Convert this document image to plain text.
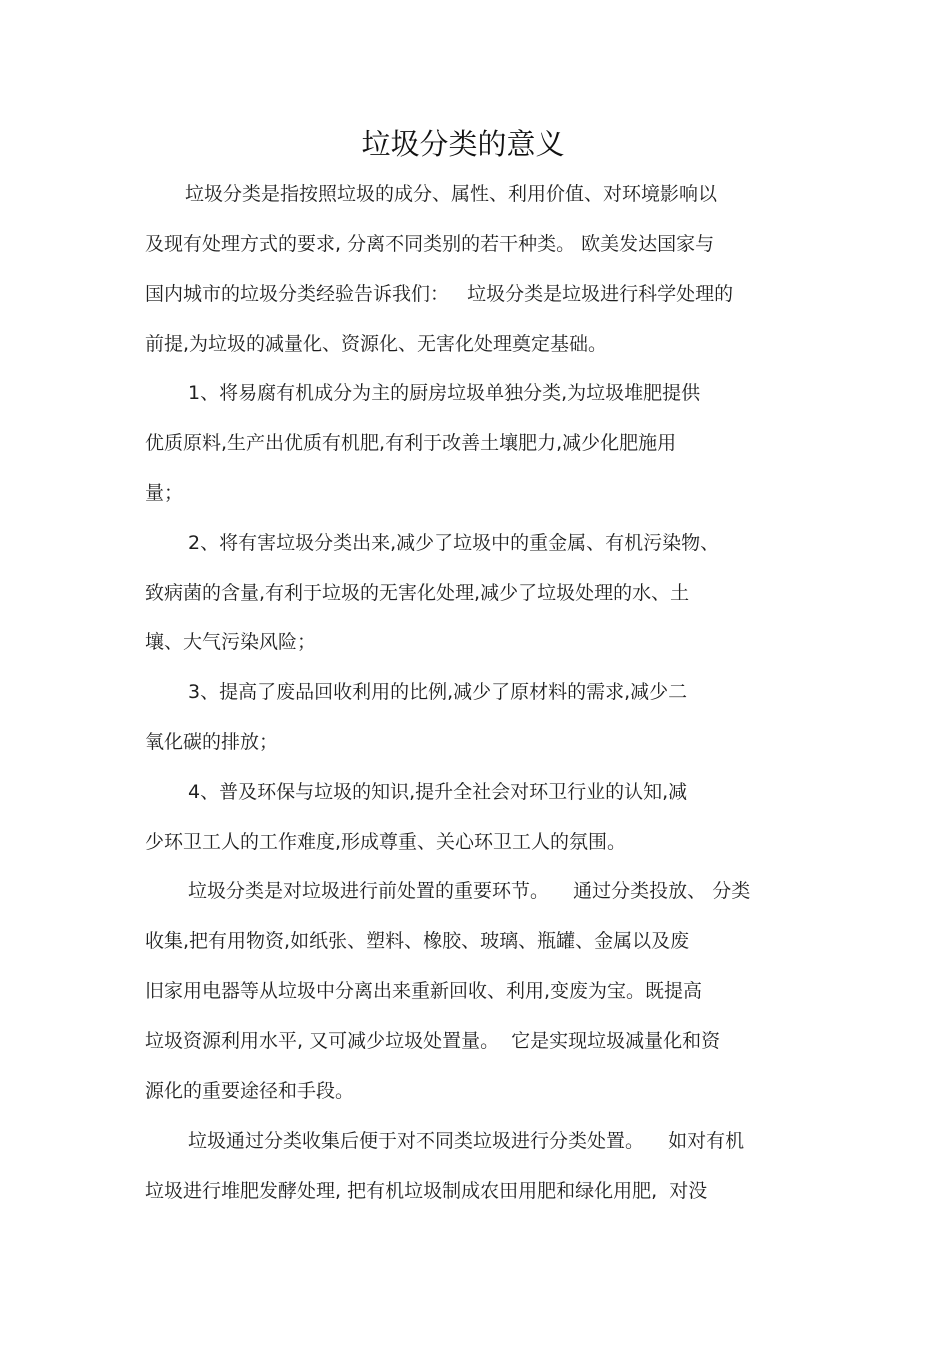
垃圾分类的意义
垃圾分类是指按照垃圾的成分、属性、利用价值、对环境影响以
及现有处理方式的要求, 分离不同类别的若干种类。 欧美发达国家与
国内城市的垃圾分类经验告诉我们：   垃圾分类是垃圾进行科学处理的
前提,为垃圾的减量化、资源化、无害化处理奠定基础。
1、将易腐有机成分为主的厨房垃圾单独分类,为垃圾堆肥提供
优质原料,生产出优质有机肥,有利于改善土壤肥力,减少化肥施用
量；
2、将有害垃圾分类出来,减少了垃圾中的重金属、有机污染物、
致病菌的含量,有利于垃圾的无害化处理,减少了垃圾处理的水、土
壤、大气污染风险；
3、提高了废品回收利用的比例,减少了原材料的需求,减少二
氧化碳的排放；
4、普及环保与垃圾的知识,提升全社会对环卫行业的认知,减
少环卫工人的工作难度,形成尊重、关心环卫工人的氛围。
垃圾分类是对垃圾进行前处置的重要环节。    通过分类投放、 分类
收集,把有用物资,如纸张、塑料、橡胶、玻璃、瓶罐、金属以及废
旧家用电器等从垃圾中分离出来重新回收、利用,变废为宝。既提高
垃圾资源利用水平, 又可减少垃圾处置量。  它是实现垃圾减量化和资
源化的重要途径和手段。
垃圾通过分类收集后便于对不同类垃圾进行分类处置。    如对有机
垃圾进行堆肥发酵处理, 把有机垃圾制成农田用肥和绿化用肥,  对没
